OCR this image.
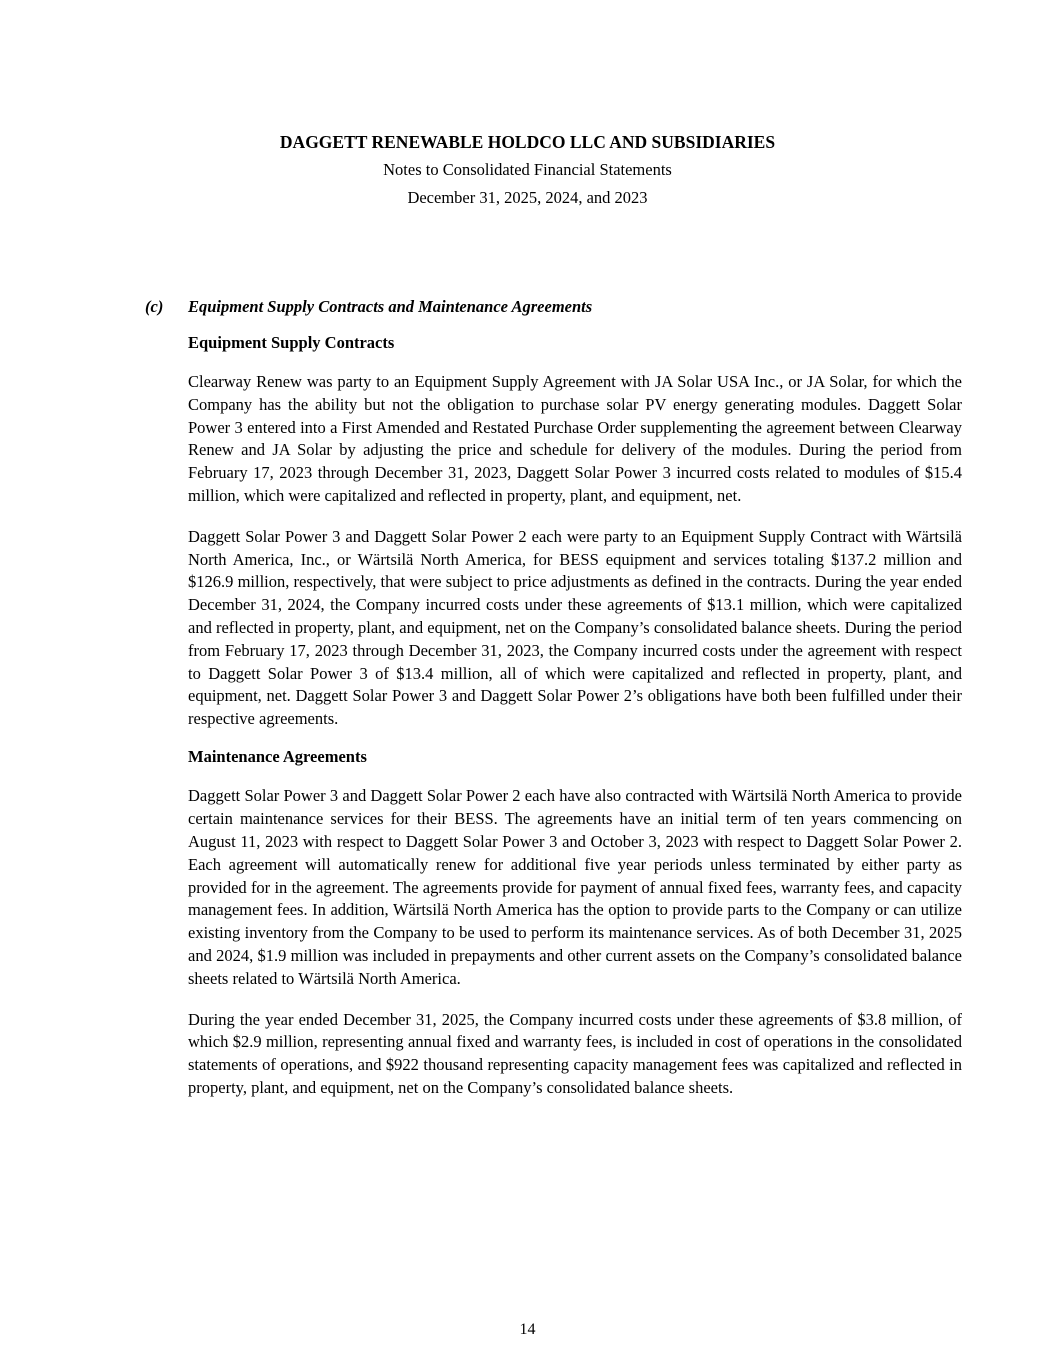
DAGGETT RENEWABLE HOLDCO LLC AND SUBSIDIARIES
Notes to Consolidated Financial Statements
December 31, 2025, 2024, and 2023
(c)	Equipment Supply Contracts and Maintenance Agreements
Equipment Supply Contracts

Clearway Renew was party to an Equipment Supply Agreement with JA Solar USA Inc., or JA Solar, for which the Company has the ability but not the obligation to purchase solar PV energy generating modules. Daggett Solar Power 3 entered into a First Amended and Restated Purchase Order supplementing the agreement between Clearway Renew and JA Solar by adjusting the price and schedule for delivery of the modules. During the period from February 17, 2023 through December 31, 2023, Daggett Solar Power 3 incurred costs related to modules of $15.4 million, which were capitalized and reflected in property, plant, and equipment, net.

Daggett Solar Power 3 and Daggett Solar Power 2 each were party to an Equipment Supply Contract with Wärtsilä North America, Inc., or Wärtsilä North America, for BESS equipment and services totaling $137.2 million and $126.9 million, respectively, that were subject to price adjustments as defined in the contracts. During the year ended December 31, 2024, the Company incurred costs under these agreements of $13.1 million, which were capitalized and reflected in property, plant, and equipment, net on the Company’s consolidated balance sheets. During the period from February 17, 2023 through December 31, 2023, the Company incurred costs under the agreement with respect to Daggett Solar Power 3 of $13.4 million, all of which were capitalized and reflected in property, plant, and equipment, net. Daggett Solar Power 3 and Daggett Solar Power 2’s obligations have both been fulfilled under their respective agreements.

Maintenance Agreements

Daggett Solar Power 3 and Daggett Solar Power 2 each have also contracted with Wärtsilä North America to provide certain maintenance services for their BESS. The agreements have an initial term of ten years commencing on August 11, 2023 with respect to Daggett Solar Power 3 and October 3, 2023 with respect to Daggett Solar Power 2. Each agreement will automatically renew for additional five year periods unless terminated by either party as provided for in the agreement. The agreements provide for payment of annual fixed fees, warranty fees, and capacity management fees. In addition, Wärtsilä North America has the option to provide parts to the Company or can utilize existing inventory from the Company to be used to perform its maintenance services. As of both December 31, 2025 and 2024, $1.9 million was included in prepayments and other current assets on the Company’s consolidated balance sheets related to Wärtsilä North America.

During the year ended December 31, 2025, the Company incurred costs under these agreements of $3.8 million, of which $2.9 million, representing annual fixed and warranty fees, is included in cost of operations in the consolidated statements of operations, and $922 thousand representing capacity management fees was capitalized and reflected in property, plant, and equipment, net on the Company’s consolidated balance sheets.

14
